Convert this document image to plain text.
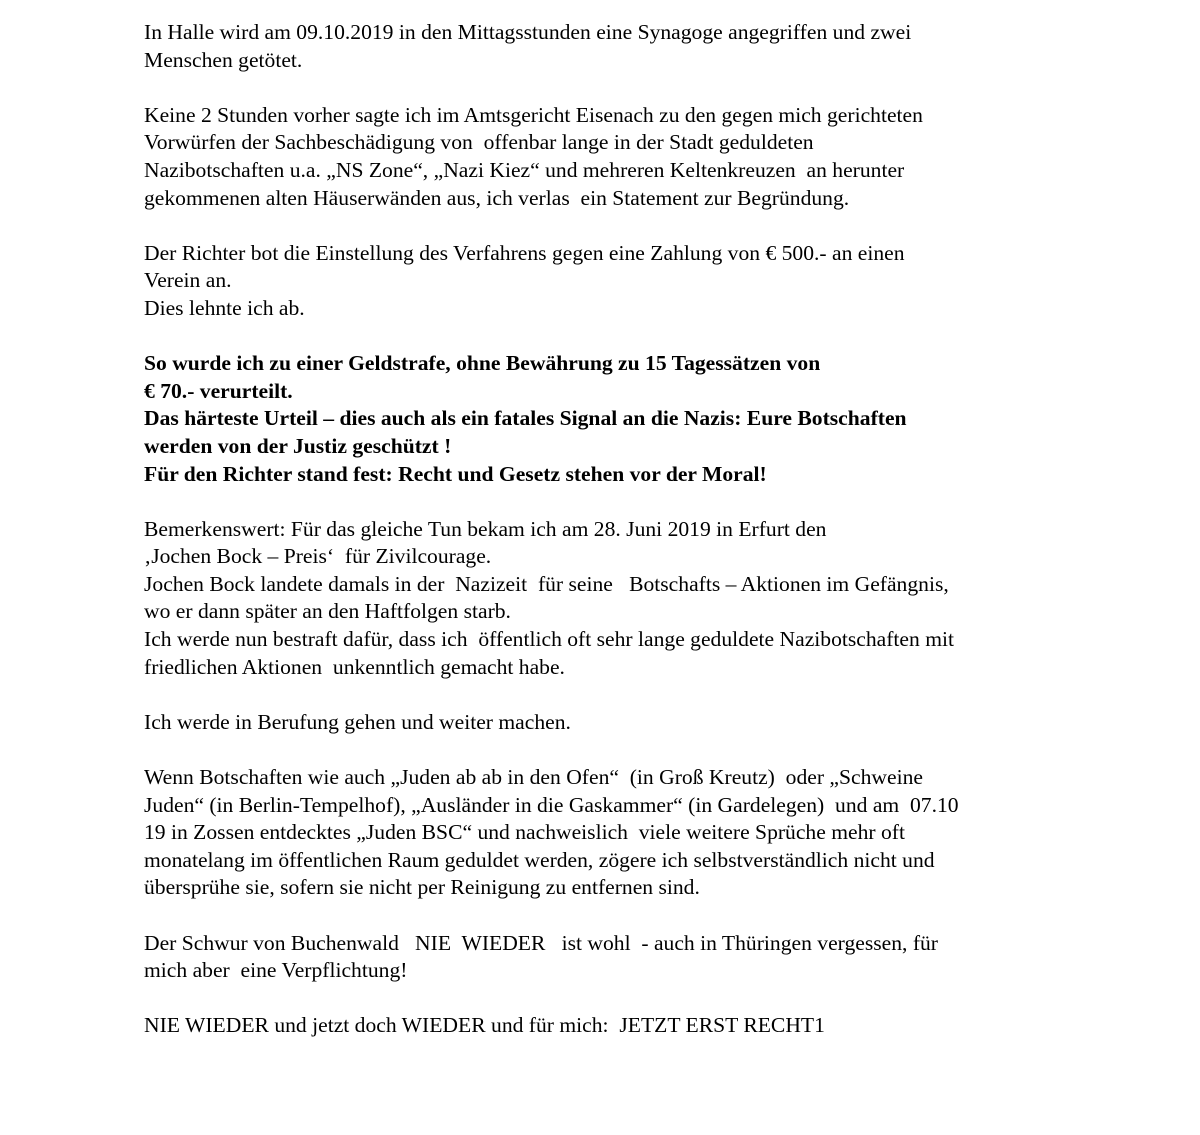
In Halle wird am 09.10.2019 in den Mittagsstunden eine Synagoge angegriffen und zwei
Menschen getötet.

Keine 2 Stunden vorher sagte ich im Amtsgericht Eisenach zu den gegen mich gerichteten
Vorwürfen der Sachbeschädigung von  offenbar lange in der Stadt geduldeten
Nazibotschaften u.a. „NS Zone“, „Nazi Kiez“ und mehreren Keltenkreuzen  an herunter
gekommenen alten Häuserwänden aus, ich verlas  ein Statement zur Begründung.

Der Richter bot die Einstellung des Verfahrens gegen eine Zahlung von € 500.- an einen
Verein an.
Dies lehnte ich ab.

So wurde ich zu einer Geldstrafe, ohne Bewährung zu 15 Tagessätzen von
€ 70.- verurteilt.
Das härteste Urteil – dies auch als ein fatales Signal an die Nazis: Eure Botschaften
werden von der Justiz geschützt !
Für den Richter stand fest: Recht und Gesetz stehen vor der Moral!

Bemerkenswert: Für das gleiche Tun bekam ich am 28. Juni 2019 in Erfurt den
‚Jochen Bock – Preis‘  für Zivilcourage.
Jochen Bock landete damals in der  Nazizeit  für seine   Botschafts – Aktionen im Gefängnis,
wo er dann später an den Haftfolgen starb.
Ich werde nun bestraft dafür, dass ich  öffentlich oft sehr lange geduldete Nazibotschaften mit
friedlichen Aktionen  unkenntlich gemacht habe.

Ich werde in Berufung gehen und weiter machen.

Wenn Botschaften wie auch „Juden ab ab in den Ofen“  (in Groß Kreutz)  oder „Schweine
Juden“ (in Berlin-Tempelhof), „Ausländer in die Gaskammer“ (in Gardelegen)  und am  07.10
19 in Zossen entdecktes „Juden BSC“ und nachweislich  viele weitere Sprüche mehr oft
monatelang im öffentlichen Raum geduldet werden, zögere ich selbstverständlich nicht und
übersprühe sie, sofern sie nicht per Reinigung zu entfernen sind.

Der Schwur von Buchenwald   NIE  WIEDER   ist wohl  - auch in Thüringen vergessen, für
mich aber  eine Verpflichtung!

NIE WIEDER und jetzt doch WIEDER und für mich:  JETZT ERST RECHT1
